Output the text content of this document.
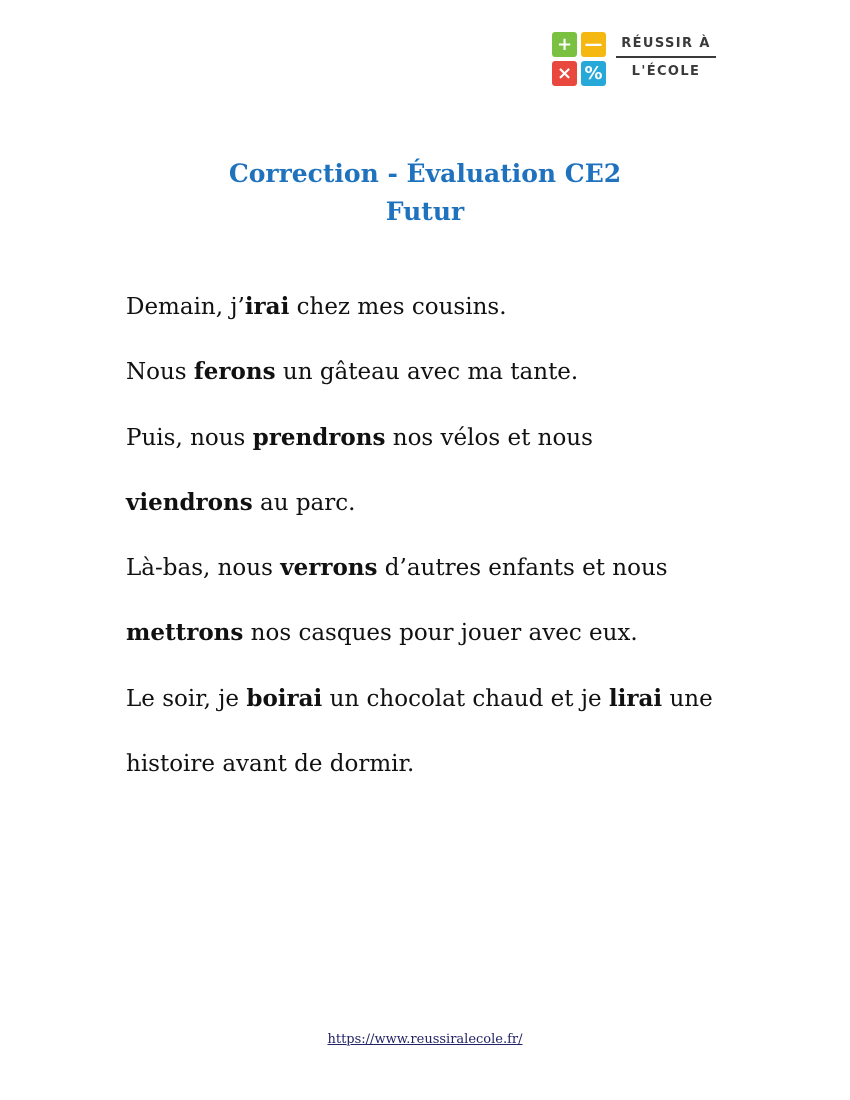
+ —
× %
RÉUSSIR À
L'ÉCOLE
Correction - Évaluation CE2
Futur
Demain, j’irai chez mes cousins.
Nous ferons un gâteau avec ma tante.
Puis, nous prendrons nos vélos et nous
viendrons au parc.
Là-bas, nous verrons d’autres enfants et nous
mettrons nos casques pour jouer avec eux.
Le soir, je boirai un chocolat chaud et je lirai une
histoire avant de dormir.
https://www.reussiralecole.fr/
